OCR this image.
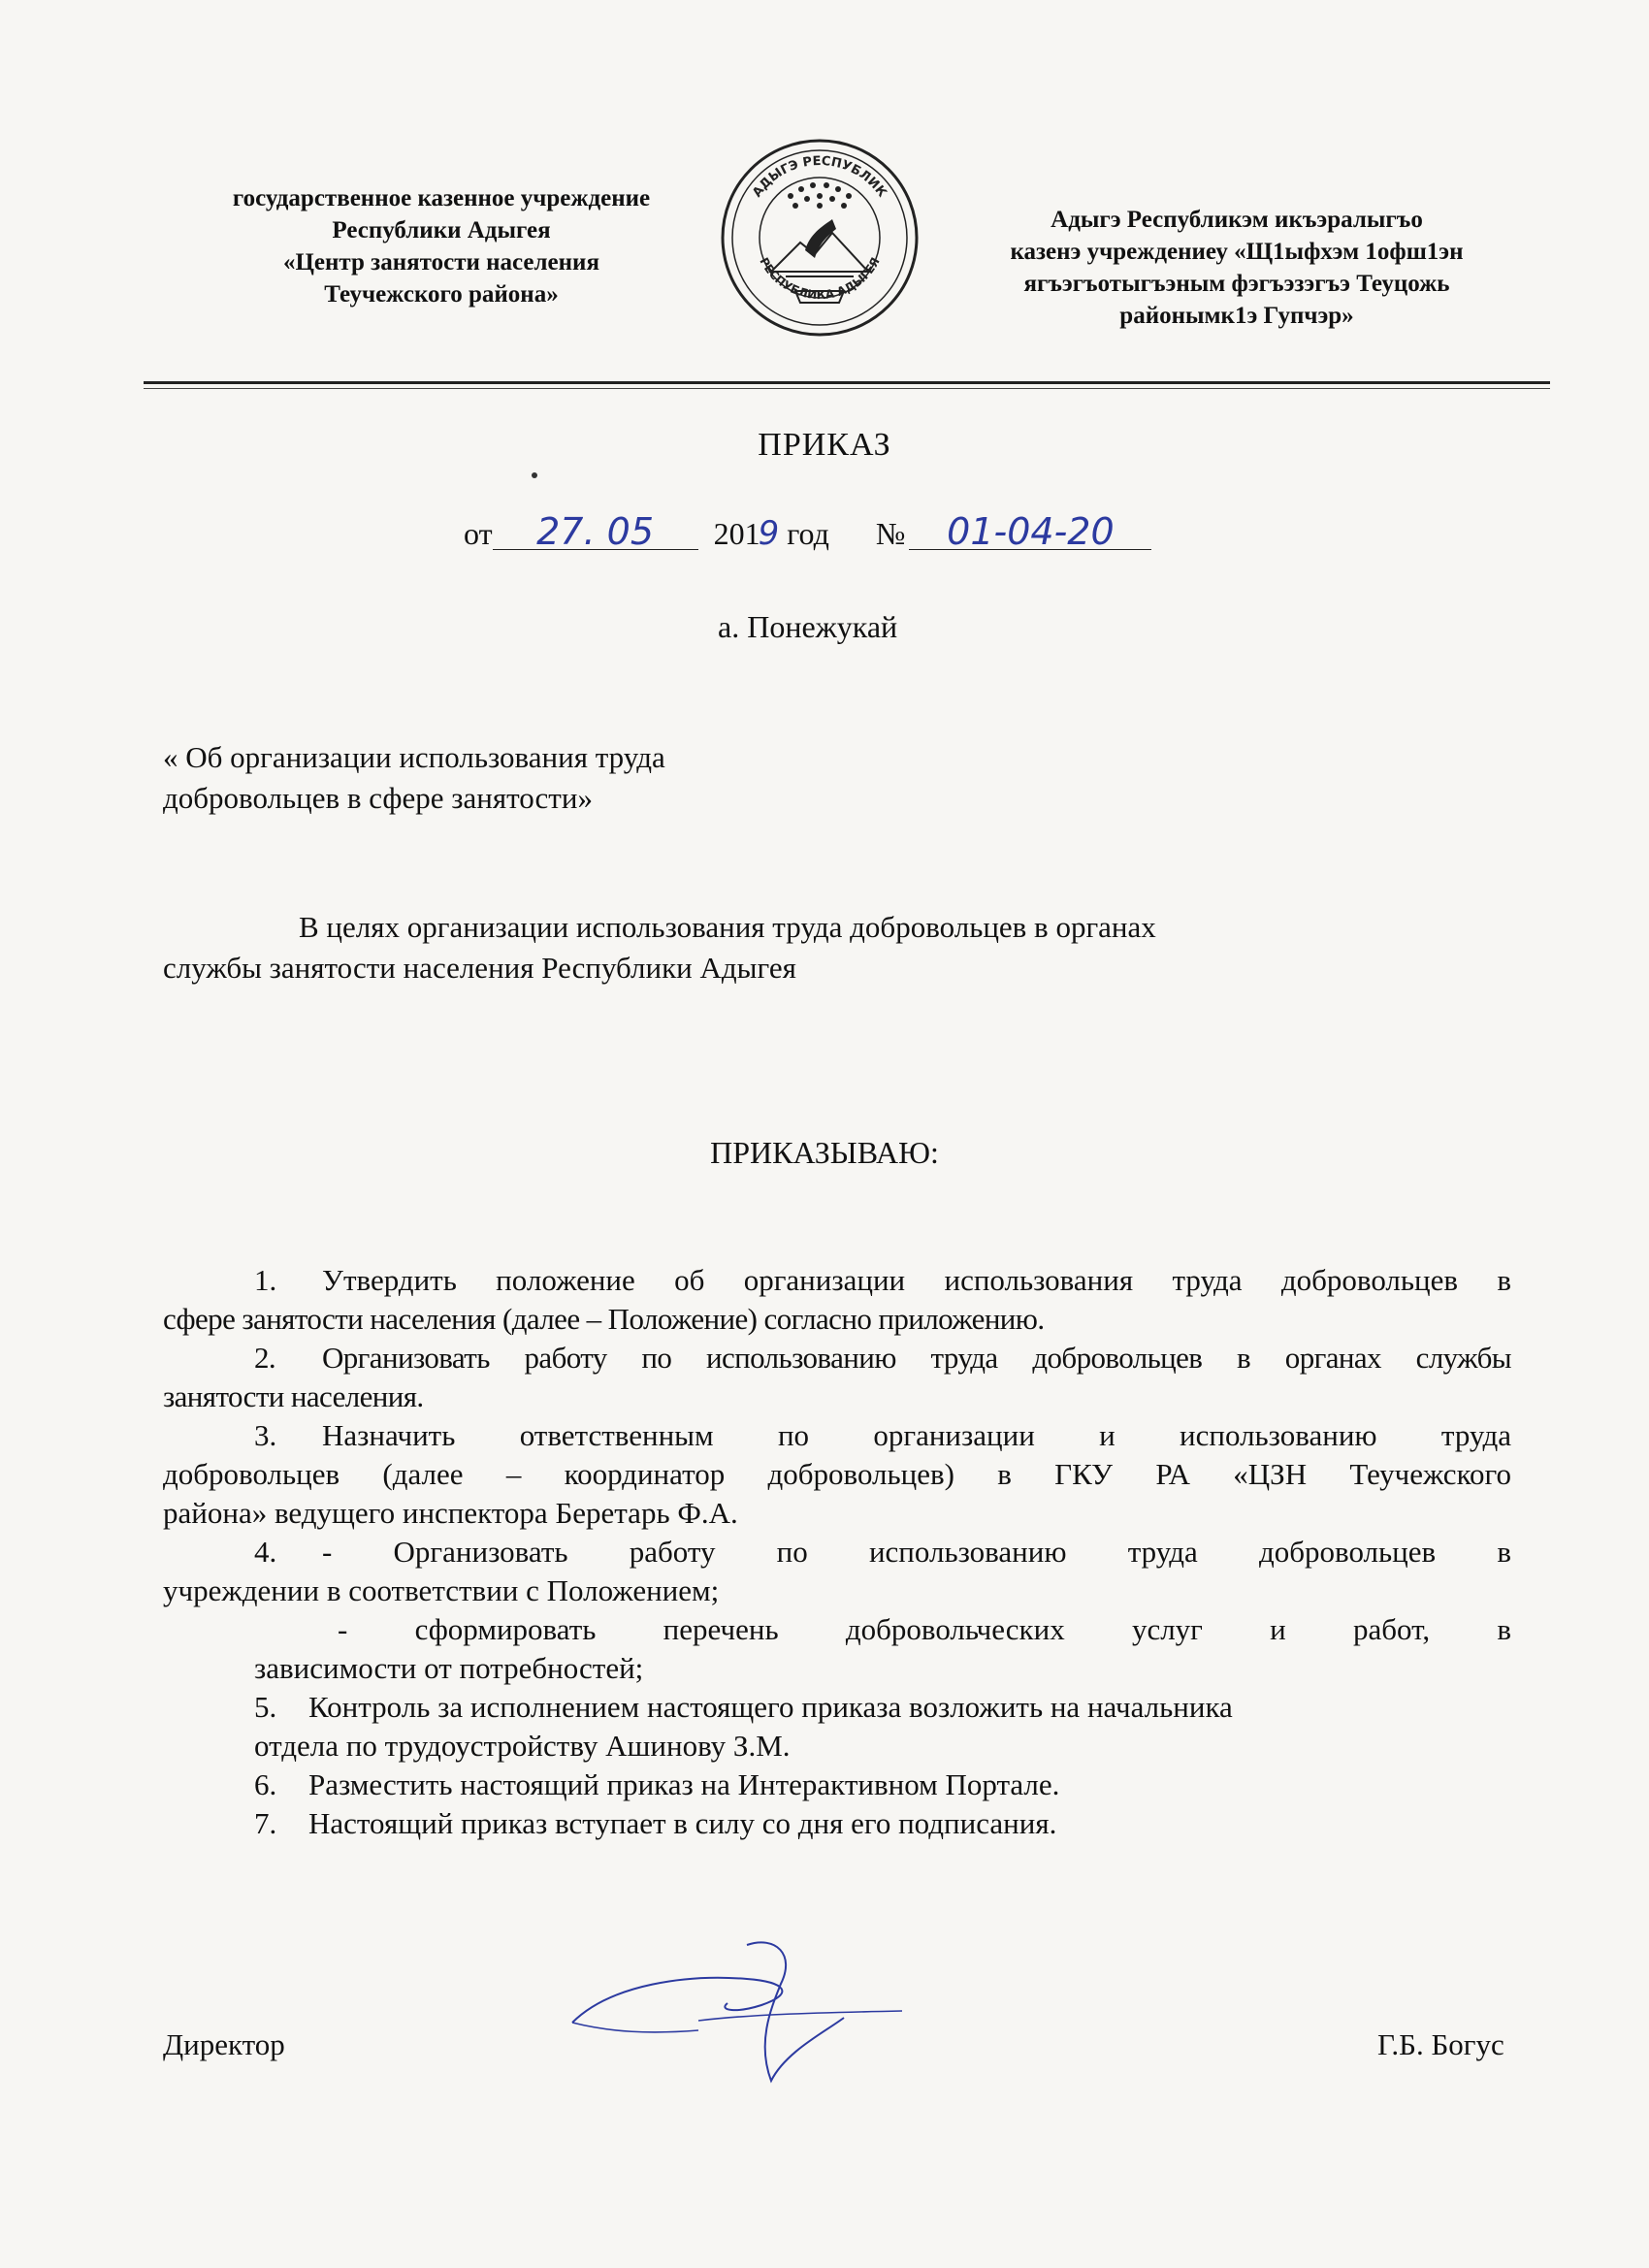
государственное казенное учреждение
Республики Адыгея
«Центр занятости населения
Теучежского района»
АДЫГЭ РЕСПУБЛИК
РЕСПУБЛИКА АДЫГЕЯ
Адыгэ Республикэм икъэралыгъо
казенэ учреждениеу «Щ1ыфхэм 1офш1эн
ягъэгъотыгъэным фэгъэзэгъэ Теуцожь
районымк1э Гупчэр»
ПРИКАЗ
от 27. 05 2019 год № 01-04-20
а. Понежукай
« Об организации использования труда
добровольцев в сфере занятости»
В целях организации использования труда добровольцев в органах
службы занятости населения Республики Адыгея
ПРИКАЗЫВАЮ:
1. Утвердить положение об организации использования труда добровольцев в
сфере занятости населения (далее – Положение) согласно приложению.
2. Организовать работу по использованию труда добровольцев в органах службы
занятости населения.
3. Назначить ответственным по организации и использованию труда
добровольцев (далее – координатор добровольцев) в ГКУ РА «ЦЗН Теучежского
района» ведущего инспектора Беретарь Ф.А.
4. - Организовать работу по использованию труда добровольцев в
учреждении в соответствии с Положением;
- сформировать перечень добровольческих услуг и работ, в
зависимости от потребностей;
5. Контроль за исполнением настоящего приказа возложить на начальника
отдела по трудоустройству Ашинову З.М.
6. Разместить настоящий приказ на Интерактивном Портале.
7. Настоящий приказ вступает в силу со дня его подписания.
Директор	Г.Б. Богус
